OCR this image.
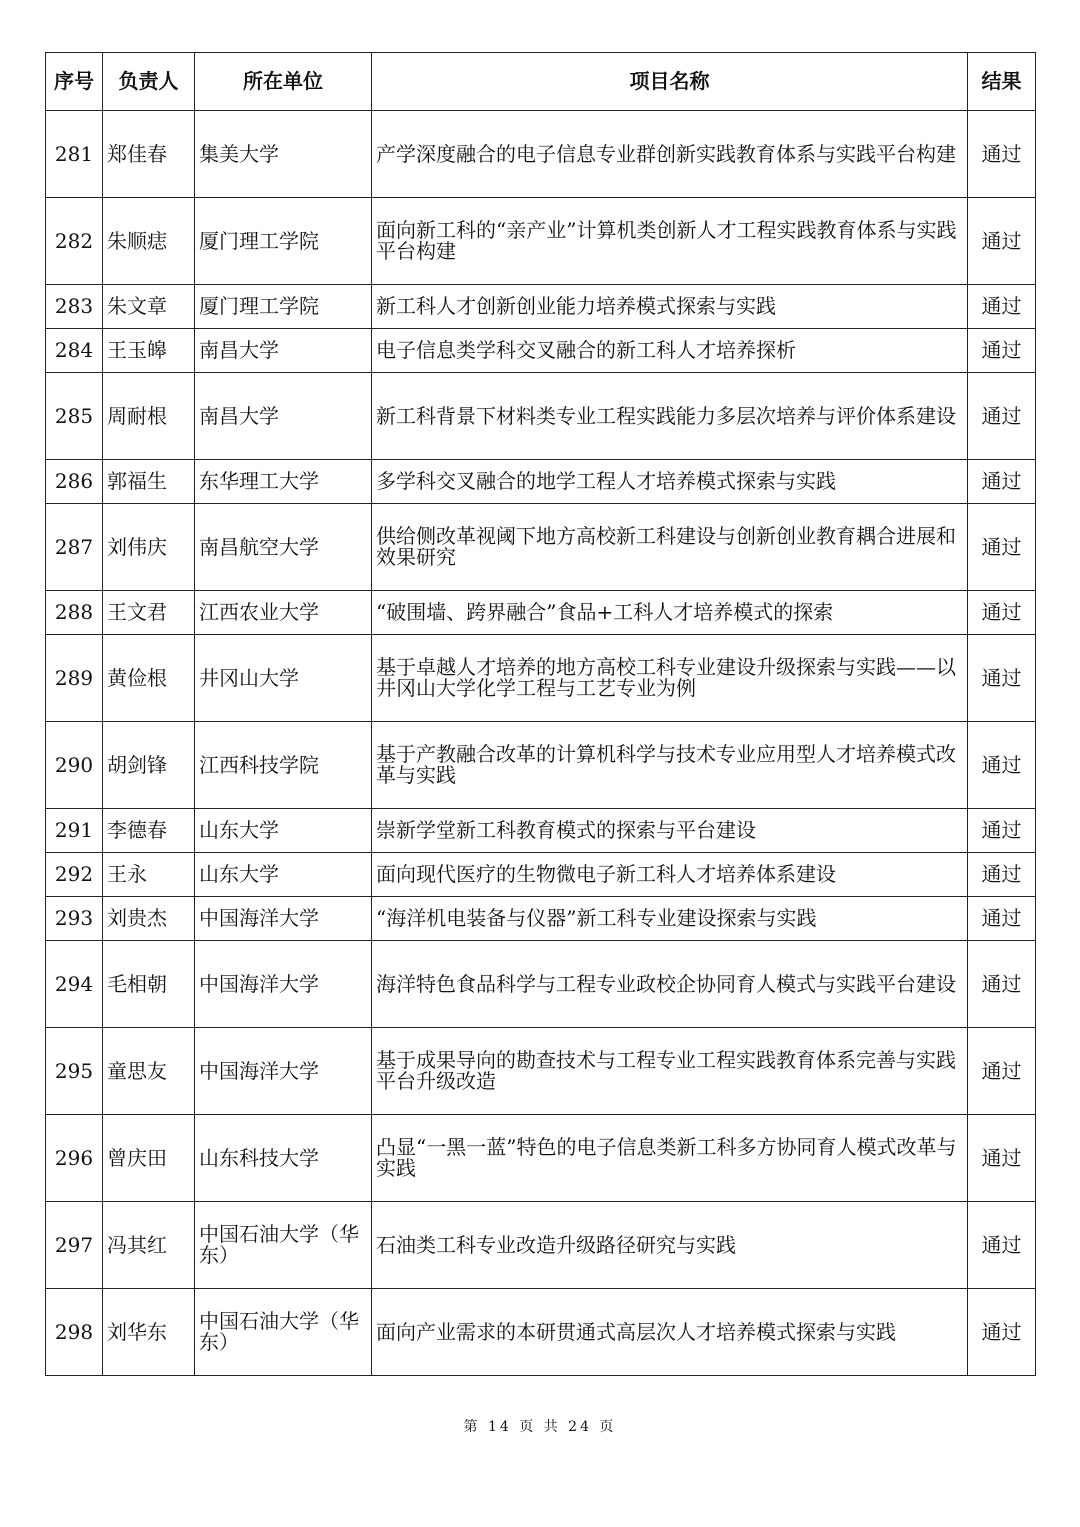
序号	负责人	所在单位	项目名称	结果
281	郑佳春	集美大学	产学深度融合的电子信息专业群创新实践教育体系与实践平台构建	通过
282	朱顺痣	厦门理工学院	面向新工科的“亲产业”计算机类创新人才工程实践教育体系与实践平台构建	通过
283	朱文章	厦门理工学院	新工科人才创新创业能力培养模式探索与实践	通过
284	王玉皞	南昌大学	电子信息类学科交叉融合的新工科人才培养探析	通过
285	周耐根	南昌大学	新工科背景下材料类专业工程实践能力多层次培养与评价体系建设	通过
286	郭福生	东华理工大学	多学科交叉融合的地学工程人才培养模式探索与实践	通过
287	刘伟庆	南昌航空大学	供给侧改革视阈下地方高校新工科建设与创新创业教育耦合进展和效果研究	通过
288	王文君	江西农业大学	“破围墙、跨界融合”食品+工科人才培养模式的探索	通过
289	黄俭根	井冈山大学	基于卓越人才培养的地方高校工科专业建设升级探索与实践——以井冈山大学化学工程与工艺专业为例	通过
290	胡剑锋	江西科技学院	基于产教融合改革的计算机科学与技术专业应用型人才培养模式改革与实践	通过
291	李德春	山东大学	崇新学堂新工科教育模式的探索与平台建设	通过
292	王永	山东大学	面向现代医疗的生物微电子新工科人才培养体系建设	通过
293	刘贵杰	中国海洋大学	“海洋机电装备与仪器”新工科专业建设探索与实践	通过
294	毛相朝	中国海洋大学	海洋特色食品科学与工程专业政校企协同育人模式与实践平台建设	通过
295	童思友	中国海洋大学	基于成果导向的勘查技术与工程专业工程实践教育体系完善与实践平台升级改造	通过
296	曾庆田	山东科技大学	凸显“一黑一蓝”特色的电子信息类新工科多方协同育人模式改革与实践	通过
297	冯其红	中国石油大学（华东）	石油类工科专业改造升级路径研究与实践	通过
298	刘华东	中国石油大学（华东）	面向产业需求的本研贯通式高层次人才培养模式探索与实践	通过
第 14 页 共 24 页
